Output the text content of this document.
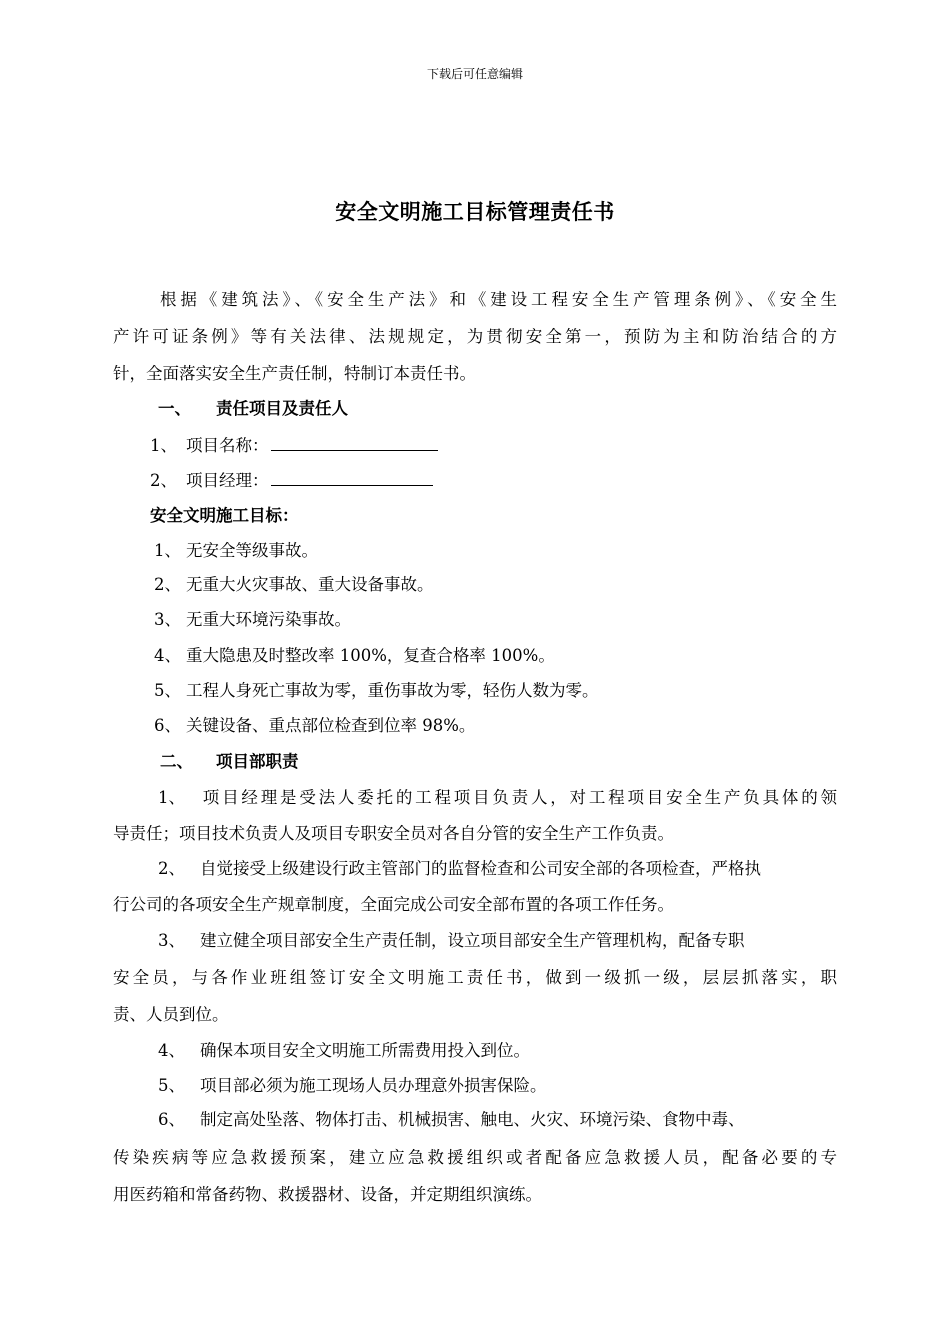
下载后可任意编辑
安全文明施工目标管理责任书
根据《建筑法》、《安全生产法》和《建设工程安全生产管理条例》、《安全生
产许可证条例》等有关法律、法规规定，为贯彻安全第一，预防为主和防治结合的方
针，全面落实安全生产责任制，特制订本责任书。
一、 责任项目及责任人
1、 项目名称：
2、 项目经理：
安全文明施工目标：
1、 无安全等级事故。
2、 无重大火灾事故、重大设备事故。
3、 无重大环境污染事故。
4、 重大隐患及时整改率 100%，复查合格率 100%。
5、 工程人身死亡事故为零，重伤事故为零，轻伤人数为零。
6、 关键设备、重点部位检查到位率 98%。
二、 项目部职责
1、 项目经理是受法人委托的工程项目负责人，对工程项目安全生产负具体的领
导责任；项目技术负责人及项目专职安全员对各自分管的安全生产工作负责。
2、 自觉接受上级建设行政主管部门的监督检查和公司安全部的各项检查，严格执
行公司的各项安全生产规章制度，全面完成公司安全部布置的各项工作任务。
3、 建立健全项目部安全生产责任制，设立项目部安全生产管理机构，配备专职
安全员，与各作业班组签订安全文明施工责任书，做到一级抓一级，层层抓落实，职
责、人员到位。
4、 确保本项目安全文明施工所需费用投入到位。
5、 项目部必须为施工现场人员办理意外损害保险。
6、 制定高处坠落、物体打击、机械损害、触电、火灾、环境污染、食物中毒、
传染疾病等应急救援预案，建立应急救援组织或者配备应急救援人员，配备必要的专
用医药箱和常备药物、救援器材、设备，并定期组织演练。
